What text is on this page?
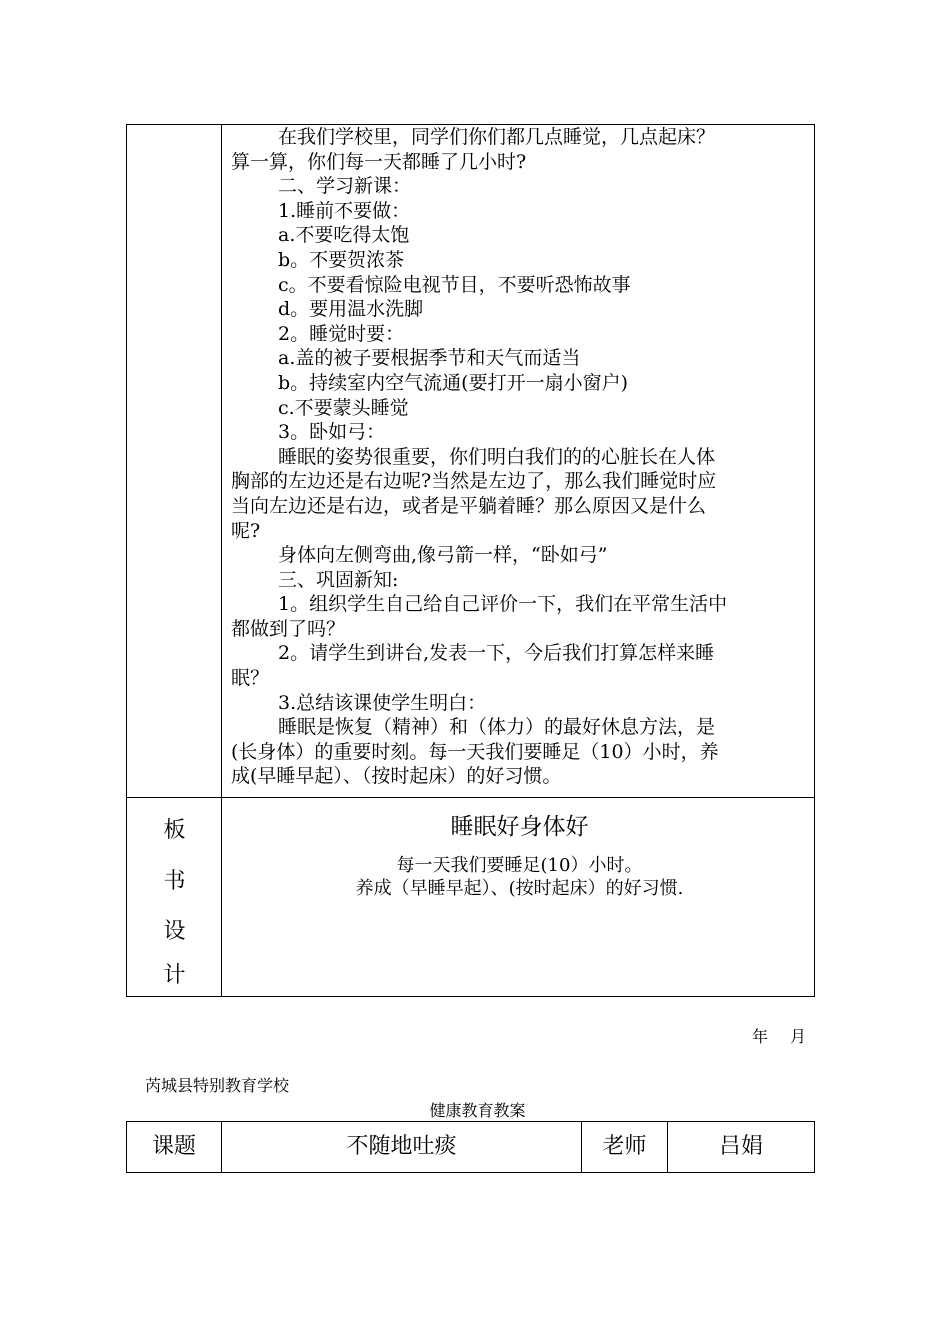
在我们学校里，同学们你们都几点睡觉，几点起床？

算一算，你们每一天都睡了几小时?

二、学习新课：

1.睡前不要做：

a.不要吃得太饱

b。不要贺浓茶

c。不要看惊险电视节目，不要听恐怖故事

d。要用温水洗脚

2。睡觉时要：

a.盖的被子要根据季节和天气而适当

b。持续室内空气流通(要打开一扇小窗户)

c.不要蒙头睡觉

3。卧如弓：

睡眠的姿势很重要，你们明白我们的的心脏长在人体

胸部的左边还是右边呢?当然是左边了，那么我们睡觉时应

当向左边还是右边，或者是平躺着睡？那么原因又是什么

呢?

身体向左侧弯曲,像弓箭一样，“卧如弓”

三、巩固新知:

1。组织学生自己给自己评价一下，我们在平常生活中

都做到了吗？

2。请学生到讲台,发表一下，今后我们打算怎样来睡

眠？

3.总结该课使学生明白：

睡眠是恢复（精神）和（体力）的最好休息方法，是

(长身体）的重要时刻。每一天我们要睡足（10）小时，养

成(早睡早起）、（按时起床）的好习惯。

板
书
设
计
睡眠好身体好
每一天我们要睡足(10）小时。
养成（早睡早起）、(按时起床）的好习惯.
年 月
芮城县特别教育学校
健康教育教案
课题	不随地吐痰	老师	吕娟
